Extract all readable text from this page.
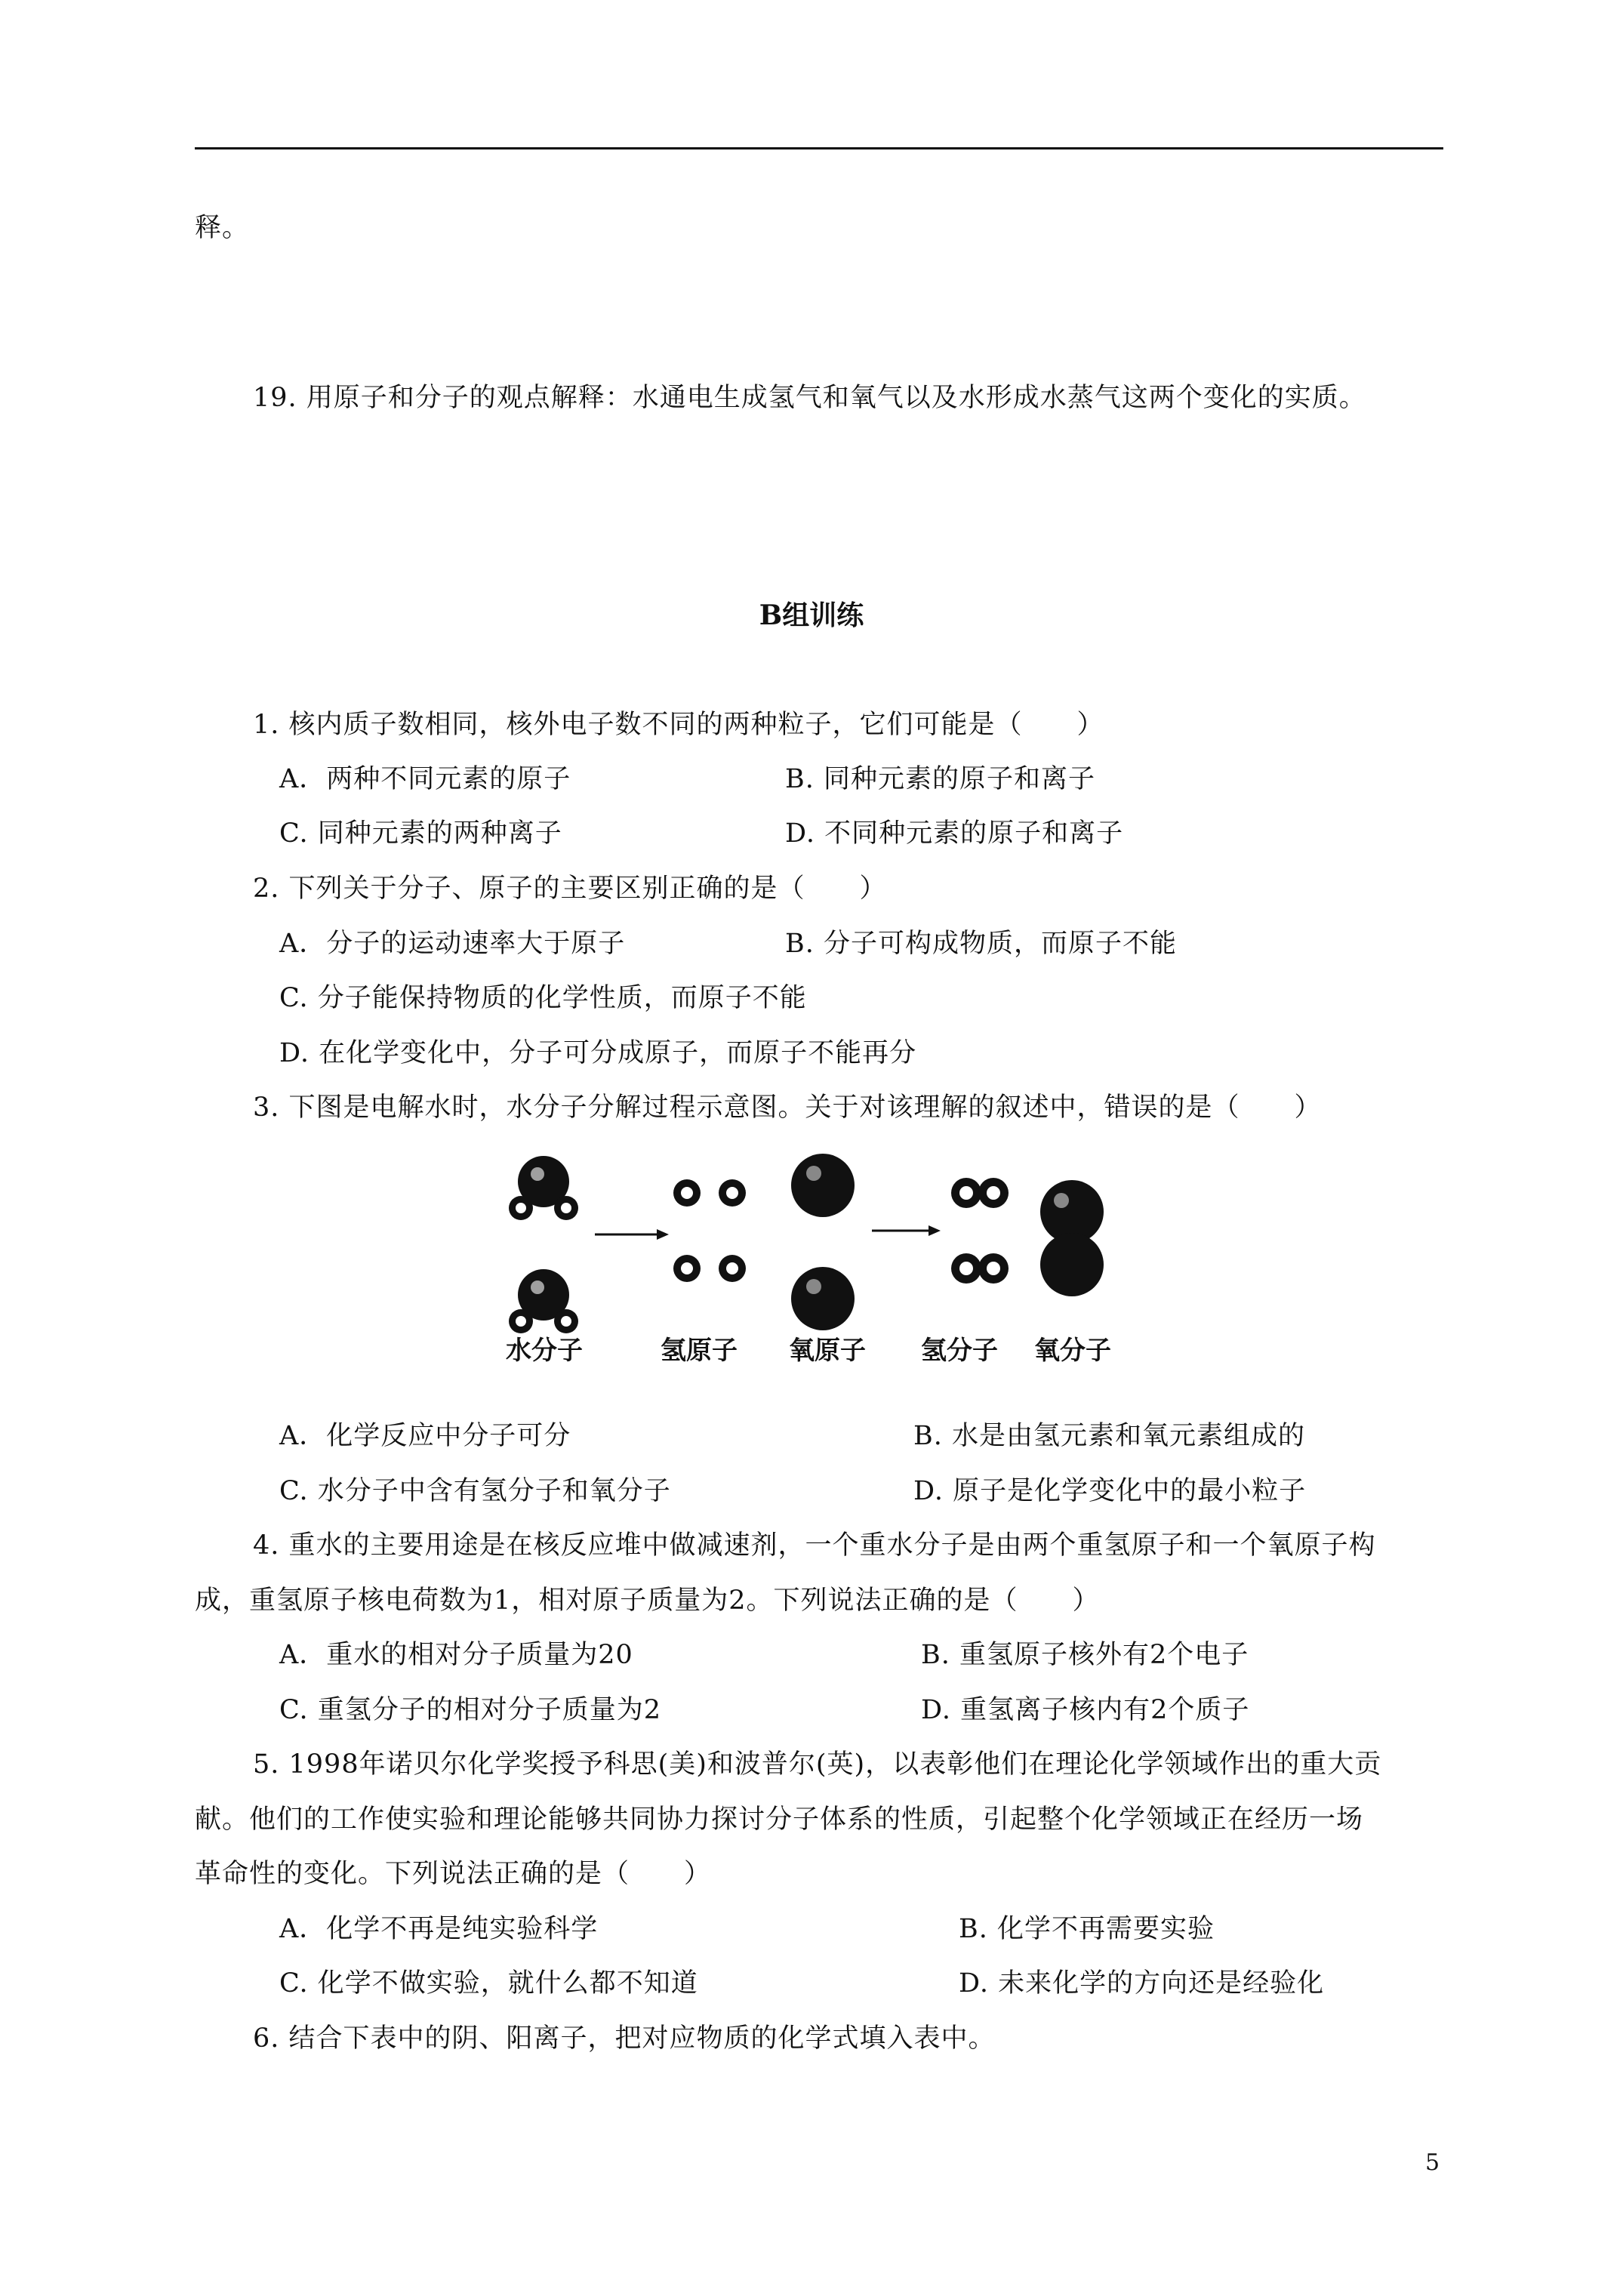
释。
19. 用原子和分子的观点解释：水通电生成氢气和氧气以及水形成水蒸气这两个变化的实质。
B组训练
1. 核内质子数相同，核外电子数不同的两种粒子，它们可能是（　　）
A．两种不同元素的原子	B. 同种元素的原子和离子
C. 同种元素的两种离子	D. 不同种元素的原子和离子
2. 下列关于分子、原子的主要区别正确的是（　　）
A．分子的运动速率大于原子	B. 分子可构成物质，而原子不能
C. 分子能保持物质的化学性质，而原子不能
D. 在化学变化中，分子可分成原子，而原子不能再分
3. 下图是电解水时，水分子分解过程示意图。关于对该理解的叙述中，错误的是（　　）
水分子	氢原子 氧原子 氢分子 氧分子
A．化学反应中分子可分	B. 水是由氢元素和氧元素组成的
C. 水分子中含有氢分子和氧分子	D. 原子是化学变化中的最小粒子
4. 重水的主要用途是在核反应堆中做减速剂，一个重水分子是由两个重氢原子和一个氧原子构
成，重氢原子核电荷数为1，相对原子质量为2。下列说法正确的是（　　）
A．重水的相对分子质量为20	B. 重氢原子核外有2个电子
C. 重氢分子的相对分子质量为2	D. 重氢离子核内有2个质子
5. 1998年诺贝尔化学奖授予科思(美)和波普尔(英)，以表彰他们在理论化学领域作出的重大贡
献。他们的工作使实验和理论能够共同协力探讨分子体系的性质，引起整个化学领域正在经历一场
革命性的变化。下列说法正确的是（　　）
A．化学不再是纯实验科学	B. 化学不再需要实验
C. 化学不做实验，就什么都不知道	D. 未来化学的方向还是经验化
6. 结合下表中的阴、阳离子，把对应物质的化学式填入表中。
5
